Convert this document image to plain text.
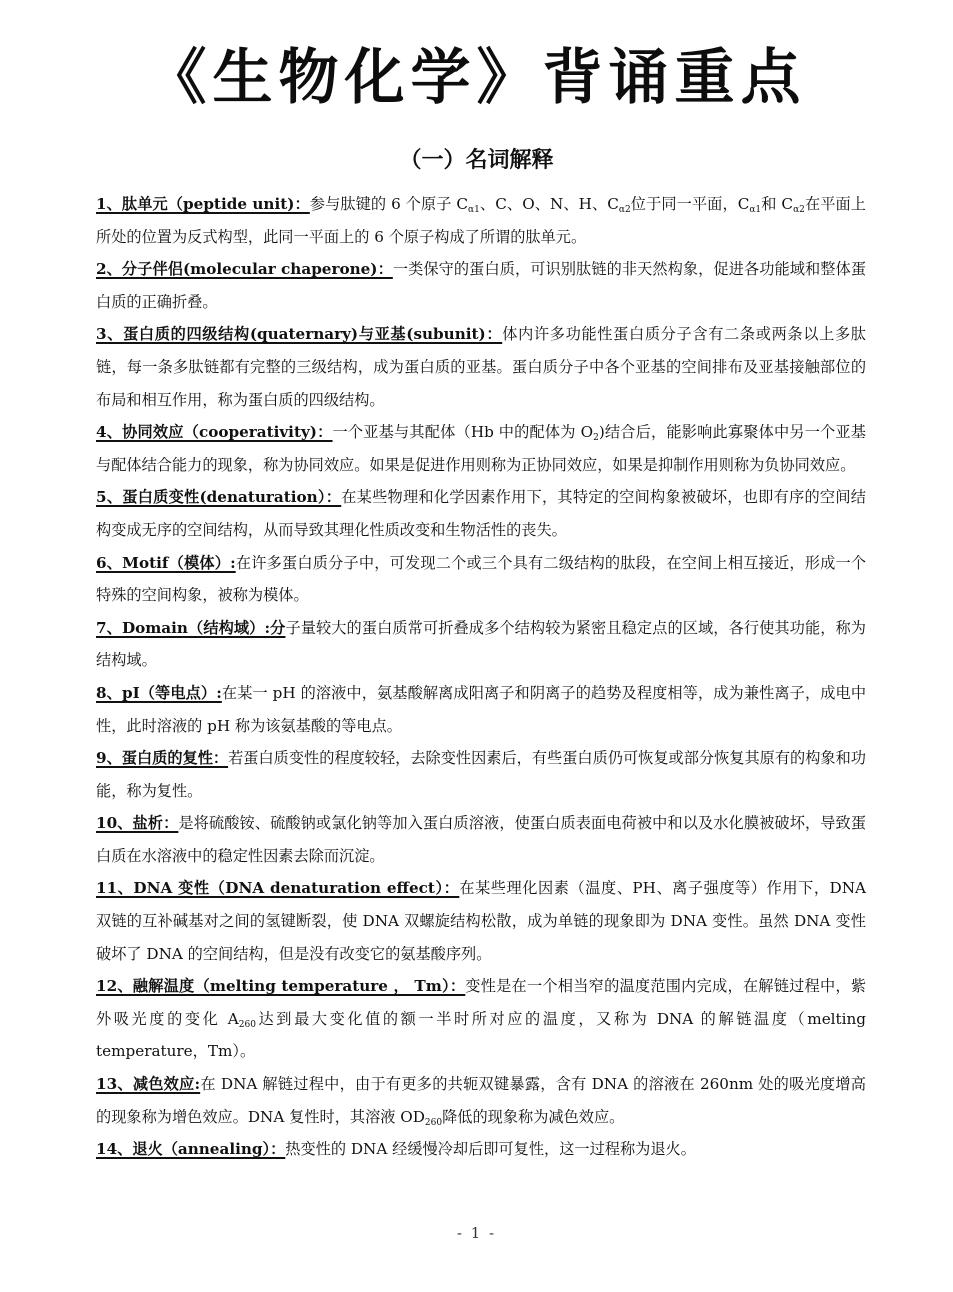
《生物化学》背诵重点
（一）名词解释

1、肽单元（peptide unit)：参与肽键的 6 个原子 $C_{\alpha 1}$、C、O、N、H、$C_{\alpha 2}$位于同一平面，$C_{\alpha 1}$和 $C_{\alpha 2}$在平面上所处的位置为反式构型，此同一平面上的 6 个原子构成了所谓的肽单元。

2、分子伴侣(molecular chaperone)：一类保守的蛋白质，可识别肽链的非天然构象，促进各功能域和整体蛋白质的正确折叠。

3、蛋白质的四级结构(quaternary)与亚基(subunit)：体内许多功能性蛋白质分子含有二条或两条以上多肽链，每一条多肽链都有完整的三级结构，成为蛋白质的亚基。蛋白质分子中各个亚基的空间排布及亚基接触部位的布局和相互作用，称为蛋白质的四级结构。

4、协同效应（cooperativity)：一个亚基与其配体（Hb 中的配体为 $O_2$)结合后，能影响此寡聚体中另一个亚基与配体结合能力的现象，称为协同效应。如果是促进作用则称为正协同效应，如果是抑制作用则称为负协同效应。

5、蛋白质变性(denaturation）：在某些物理和化学因素作用下，其特定的空间构象被破坏，也即有序的空间结构变成无序的空间结构，从而导致其理化性质改变和生物活性的丧失。

6、Motif（模体）:在许多蛋白质分子中，可发现二个或三个具有二级结构的肽段，在空间上相互接近，形成一个特殊的空间构象，被称为模体。

7、Domain（结构域）:分子量较大的蛋白质常可折叠成多个结构较为紧密且稳定点的区域，各行使其功能，称为结构域。

8、pI（等电点）:在某一 pH 的溶液中，氨基酸解离成阳离子和阴离子的趋势及程度相等，成为兼性离子，成电中性，此时溶液的 pH 称为该氨基酸的等电点。

9、蛋白质的复性：若蛋白质变性的程度较轻，去除变性因素后，有些蛋白质仍可恢复或部分恢复其原有的构象和功能，称为复性。

10、盐析：是将硫酸铵、硫酸钠或氯化钠等加入蛋白质溶液，使蛋白质表面电荷被中和以及水化膜被破坏，导致蛋白质在水溶液中的稳定性因素去除而沉淀。

11、DNA 变性（DNA denaturation effect）：在某些理化因素（温度、PH、离子强度等）作用下，DNA 双链的互补碱基对之间的氢键断裂，使 DNA 双螺旋结构松散，成为单链的现象即为 DNA 变性。虽然 DNA 变性破坏了 DNA 的空间结构，但是没有改变它的氨基酸序列。

12、融解温度（melting temperature ， Tm）：变性是在一个相当窄的温度范围内完成，在解链过程中，紫外吸光度的变化 $A_{260}$达到最大变化值的额一半时所对应的温度，又称为 DNA 的解链温度（melting temperature，Tm）。

13、减色效应:在 DNA 解链过程中，由于有更多的共轭双键暴露，含有 DNA 的溶液在 260nm 处的吸光度增高的现象称为增色效应。DNA 复性时，其溶液 $OD_{260}$降低的现象称为减色效应。

14、退火（annealing）：热变性的 DNA 经缓慢冷却后即可复性，这一过程称为退火。

- 1 -
